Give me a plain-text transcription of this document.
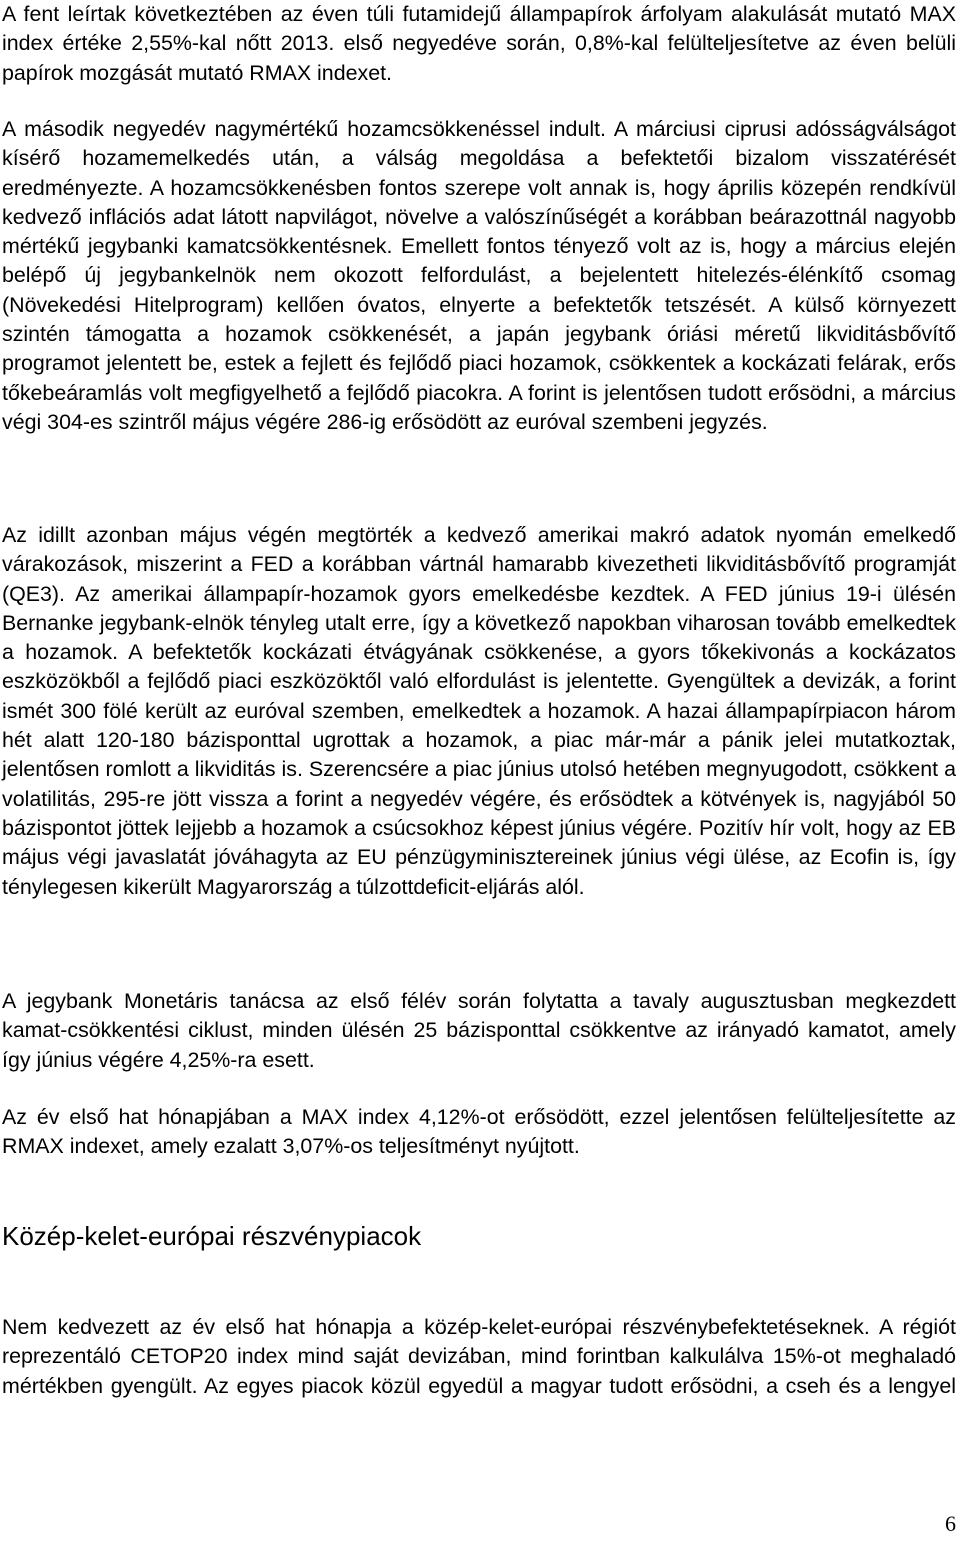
A fent leírtak következtében az éven túli futamidejű állampapírok árfolyam alakulását mutató MAX index értéke 2,55%-kal nőtt 2013. első negyedéve során, 0,8%-kal felülteljesítetve az éven belüli papírok mozgását mutató RMAX indexet.

A második negyedév nagymértékű hozamcsökkenéssel indult. A márciusi ciprusi adósságválságot kísérő hozamemelkedés után, a válság megoldása a befektetői bizalom visszatérését eredményezte. A hozamcsökkenésben fontos szerepe volt annak is, hogy április közepén rendkívül kedvező inflációs adat látott napvilágot, növelve a valószínűségét a korábban beárazottnál nagyobb mértékű jegybanki kamatcsökkentésnek. Emellett fontos tényező volt az is, hogy a március elején belépő új jegybankelnök nem okozott felfordulást, a bejelentett hitelezés-élénkítő csomag (Növekedési Hitelprogram) kellően óvatos, elnyerte a befektetők tetszését. A külső környezett szintén támogatta a hozamok csökkenését, a japán jegybank óriási méretű likviditásbővítő programot jelentett be, estek a fejlett és fejlődő piaci hozamok, csökkentek a kockázati felárak, erős tőkebeáramlás volt megfigyelhető a fejlődő piacokra. A forint is jelentősen tudott erősödni, a március végi 304-es szintről május végére 286-ig erősödött az euróval szembeni jegyzés.

Az idillt azonban május végén megtörték a kedvező amerikai makró adatok nyomán emelkedő várakozások, miszerint a FED a korábban vártnál hamarabb kivezetheti likviditásbővítő programját (QE3). Az amerikai állampapír-hozamok gyors emelkedésbe kezdtek. A FED június 19-i ülésén Bernanke jegybank-elnök tényleg utalt erre, így a következő napokban viharosan tovább emelkedtek a hozamok. A befektetők kockázati étvágyának csökkenése, a gyors tőkekivonás a kockázatos eszközökből a fejlődő piaci eszközöktől való elfordulást is jelentette. Gyengültek a devizák, a forint ismét 300 fölé került az euróval szemben, emelkedtek a hozamok. A hazai állampapírpiacon három hét alatt 120-180 bázisponttal ugrottak a hozamok, a piac már-már a pánik jelei mutatkoztak, jelentősen romlott a likviditás is. Szerencsére a piac június utolsó hetében megnyugodott, csökkent a volatilitás, 295-re jött vissza a forint a negyedév végére, és erősödtek a kötvények is, nagyjából 50 bázispontot jöttek lejjebb a hozamok a csúcsokhoz képest június végére. Pozitív hír volt, hogy az EB május végi javaslatát jóváhagyta az EU pénzügyminisztereinek június végi ülése, az Ecofin is, így ténylegesen kikerült Magyarország a túlzottdeficit-eljárás alól.

A jegybank Monetáris tanácsa az első félév során folytatta a tavaly augusztusban megkezdett kamat-csökkentési ciklust, minden ülésén 25 bázisponttal csökkentve az irányadó kamatot, amely így június végére 4,25%-ra esett.

Az év első hat hónapjában a MAX index 4,12%-ot erősödött, ezzel jelentősen felülteljesítette az RMAX indexet, amely ezalatt 3,07%-os teljesítményt nyújtott.

Közép-kelet-európai részvénypiacok

Nem kedvezett az év első hat hónapja a közép-kelet-európai részvénybefektetéseknek. A régiót reprezentáló CETOP20 index mind saját devizában, mind forintban kalkulálva 15%-ot meghaladó mértékben gyengült. Az egyes piacok közül egyedül a magyar tudott erősödni, a cseh és a lengyel

6
